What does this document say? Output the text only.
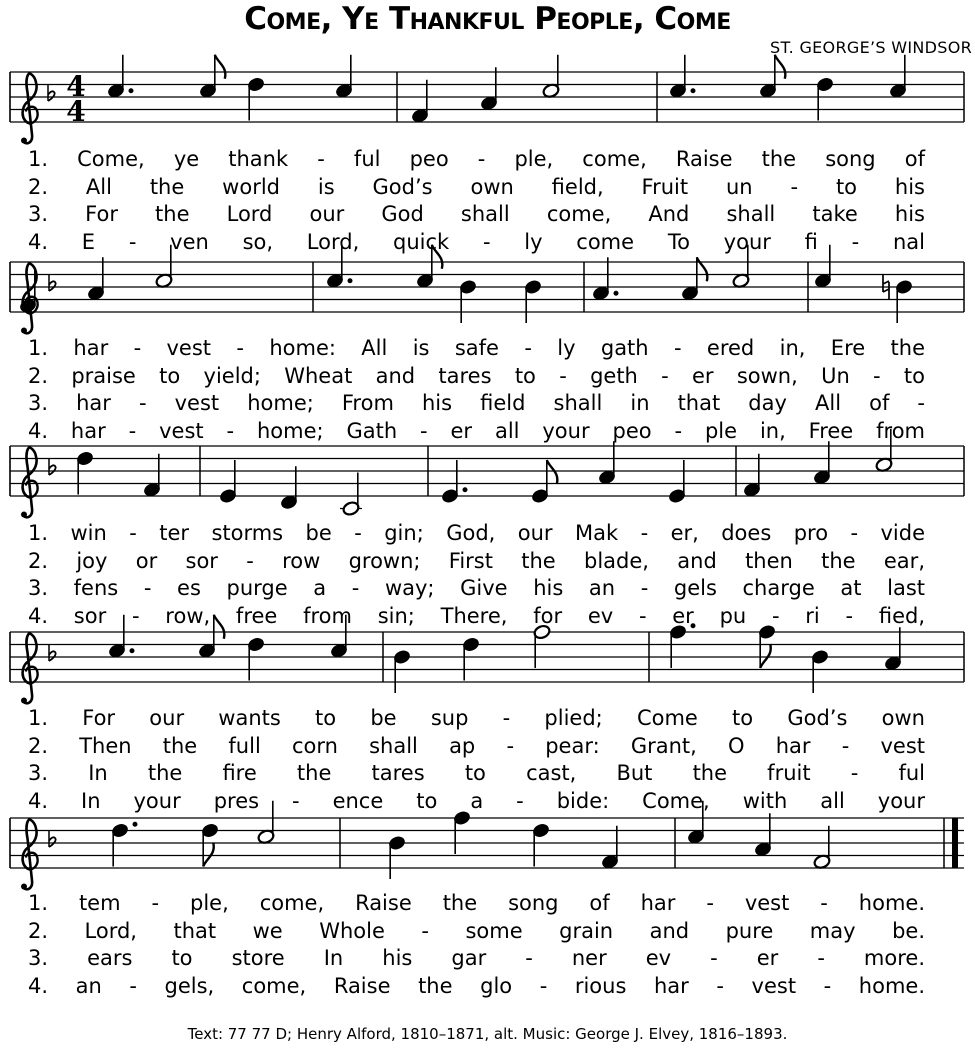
Come, Ye Thankful People, Come
ST. GEORGE’S WINDSOR
4
4
1. Come, ye thank - ful peo - ple, come, Raise the song of
2. All the world is God’s own field, Fruit un - to his
3. For the Lord our God shall come, And shall take his
4. E - ven so, Lord, quick - ly come To your fi - nal
1. har - vest - home: All is safe - ly gath - ered in, Ere the
2. praise to yield; Wheat and tares to - geth - er sown, Un - to
3. har - vest home; From his field shall in that day All of -
4. har - vest - home; Gath - er all your peo - ple in, Free from
1. win - ter storms be - gin; God, our Mak - er, does pro - vide
2. joy or sor - row grown; First the blade, and then the ear,
3. fens - es purge a - way; Give his an - gels charge at last
4. sor - row, free from sin; There, for ev - er pu - ri - fied,
1. For our wants to be sup - plied; Come to God’s own
2. Then the full corn shall ap - pear: Grant, O har - vest
3. In the fire the tares to cast, But the fruit - ful
4. In your pres - ence to a - bide: Come, with all your
1. tem - ple, come, Raise the song of har - vest - home.
2. Lord, that we Whole - some grain and pure may be.
3. ears to store In his gar - ner ev - er - more.
4. an - gels, come, Raise the glo - rious har - vest - home.
Text: 77 77 D; Henry Alford, 1810–1871, alt. Music: George J. Elvey, 1816–1893.
